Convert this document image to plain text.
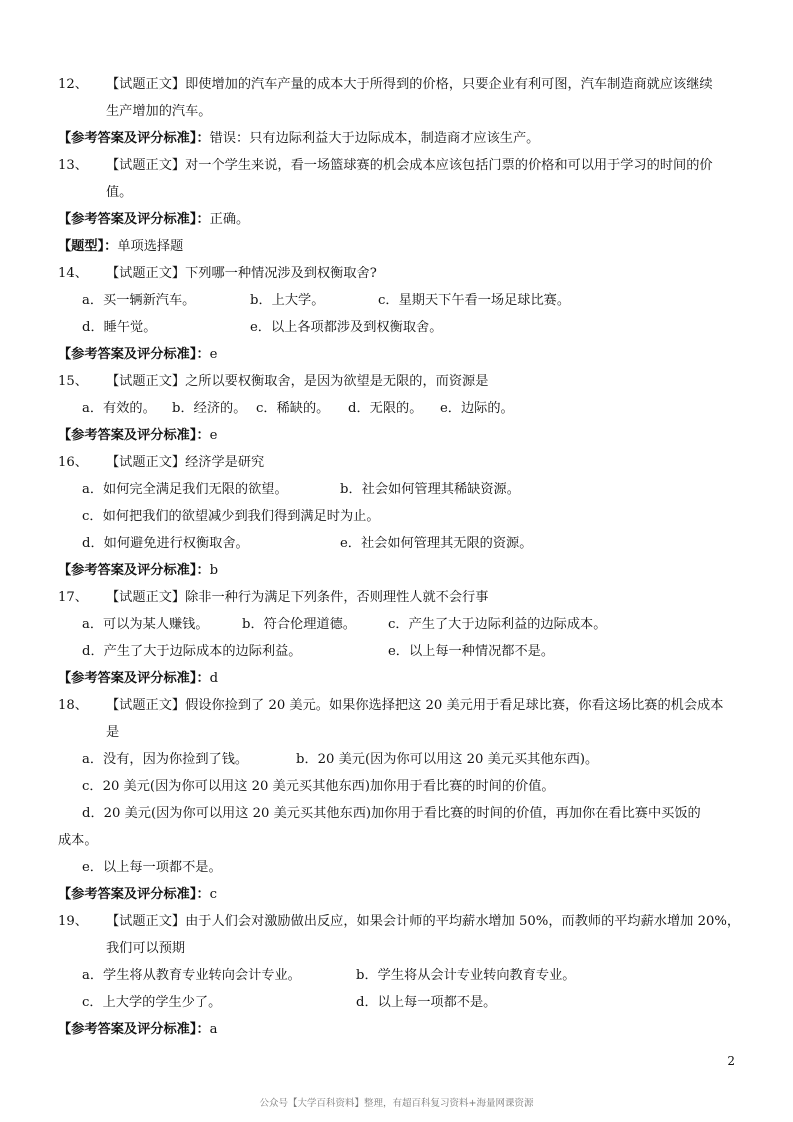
12、 【试题正文】即使增加的汽车产量的成本大于所得到的价格，只要企业有利可图，汽车制造商就应该继续
生产增加的汽车。
【参考答案及评分标准】：错误：只有边际利益大于边际成本，制造商才应该生产。
13、 【试题正文】对一个学生来说，看一场篮球赛的机会成本应该包括门票的价格和可以用于学习的时间的价
值。
【参考答案及评分标准】：正确。
【题型】：单项选择题
14、 【试题正文】下列哪一种情况涉及到权衡取舍?
a．买一辆新汽车。	b．上大学。	c．星期天下午看一场足球比赛。
d．睡午觉。	e．以上各项都涉及到权衡取舍。
【参考答案及评分标准】：e
15、 【试题正文】之所以要权衡取舍，是因为欲望是无限的，而资源是
a．有效的。 b．经济的。 c．稀缺的。 d．无限的。 e．边际的。
【参考答案及评分标准】：e
16、 【试题正文】经济学是研究
a．如何完全满足我们无限的欲望。	b．社会如何管理其稀缺资源。
c．如何把我们的欲望减少到我们得到满足时为止。
d．如何避免进行权衡取舍。	e．社会如何管理其无限的资源。
【参考答案及评分标准】：b
17、 【试题正文】除非一种行为满足下列条件，否则理性人就不会行事
a．可以为某人赚钱。	b．符合伦理道德。 c．产生了大于边际利益的边际成本。
d．产生了大于边际成本的边际利益。	e．以上每一种情况都不是。
【参考答案及评分标准】：d
18、 【试题正文】假设你捡到了 20 美元。如果你选择把这 20 美元用于看足球比赛，你看这场比赛的机会成本
是
a．没有，因为你捡到了钱。	b．20 美元(因为你可以用这 20 美元买其他东西)。
c．20 美元(因为你可以用这 20 美元买其他东西)加你用于看比赛的时间的价值。
d．20 美元(因为你可以用这 20 美元买其他东西)加你用于看比赛的时间的价值，再加你在看比赛中买饭的
成本。
e．以上每一项都不是。
【参考答案及评分标准】：c
19、 【试题正文】由于人们会对激励做出反应，如果会计师的平均薪水增加 50%，而教师的平均薪水增加 20%，
我们可以预期
a．学生将从教育专业转向会计专业。	b．学生将从会计专业转向教育专业。
c．上大学的学生少了。	d．以上每一项都不是。
【参考答案及评分标准】：a
2
公众号【大学百科资料】整理，有超百科复习资料+海量网课资源
